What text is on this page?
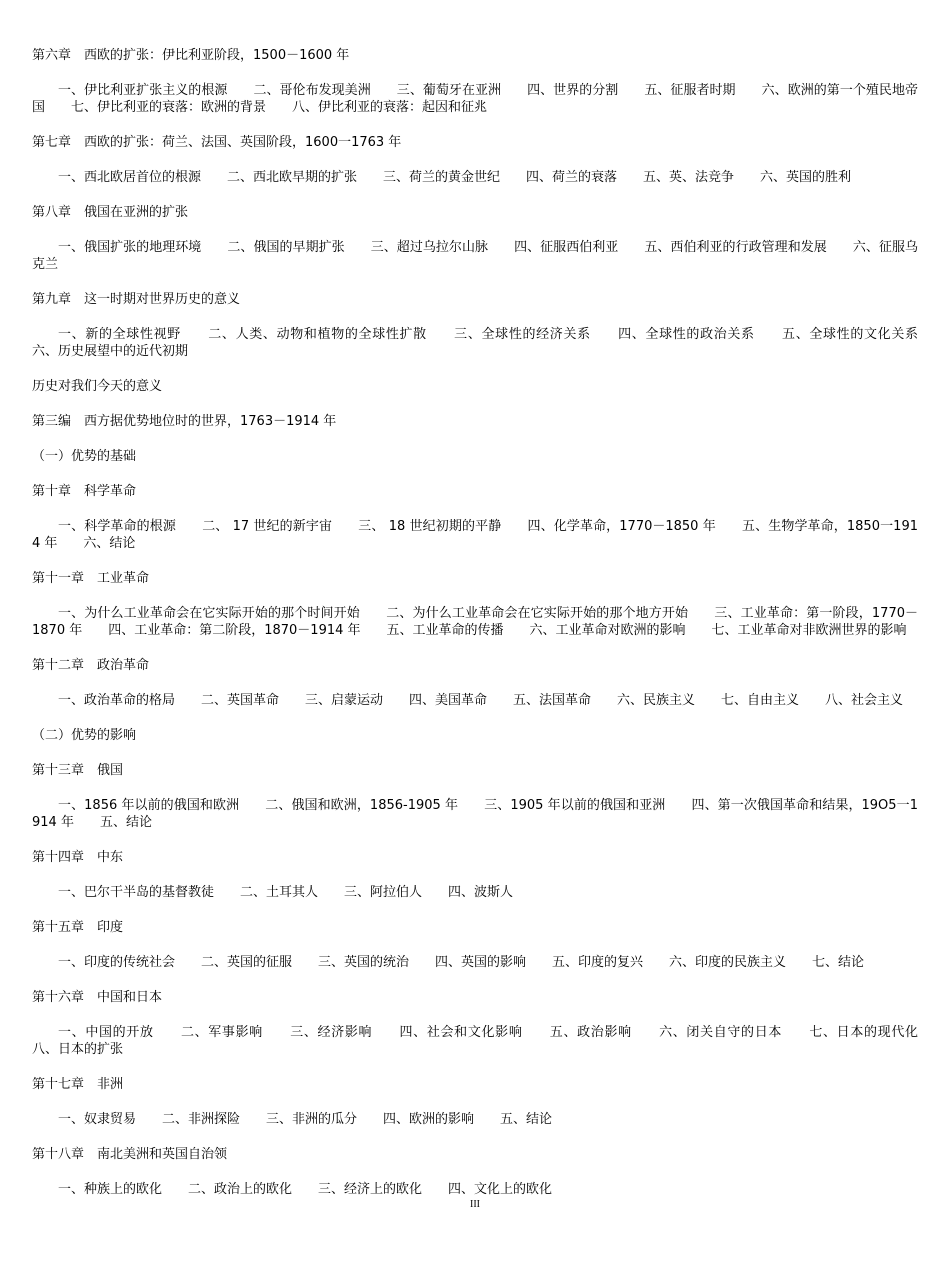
第六章　西欧的扩张：伊比利亚阶段，1500－1600 年

一、伊比利亚扩张主义的根源　　二、哥伦布发现美洲　　三、葡萄牙在亚洲　　四、世界的分割　　五、征服者时期　　六、欧洲的第一个殖民地帝国　　七、伊比利亚的衰落：欧洲的背景　　八、伊比利亚的衰落：起因和征兆

第七章　西欧的扩张：荷兰、法国、英国阶段，1600一1763 年

一、西北欧居首位的根源　　二、西北欧早期的扩张　　三、荷兰的黄金世纪　　四、荷兰的衰落　　五、英、法竞争　　六、英国的胜利

第八章　俄国在亚洲的扩张

一、俄国扩张的地理环境　　二、俄国的早期扩张　　三、超过乌拉尔山脉　　四、征服西伯利亚　　五、西伯利亚的行政管理和发展　　六、征服乌克兰

第九章　这一时期对世界历史的意义

一、新的全球性视野　　二、人类、动物和植物的全球性扩散　　三、全球性的经济关系　　四、全球性的政治关系　　五、全球性的文化关系　　六、历史展望中的近代初期

历史对我们今天的意义

第三编　西方据优势地位时的世界，1763－1914 年

（一）优势的基础

第十章　科学革命

一、科学革命的根源　　二、 17 世纪的新宇宙　　三、 18 世纪初期的平静　　四、化学革命，1770－1850 年　　五、生物学革命，1850一1914 年　　六、结论

第十一章　工业革命

一、为什么工业革命会在它实际开始的那个时间开始　　二、为什么工业革命会在它实际开始的那个地方开始　　三、工业革命：第一阶段，1770－1870 年　　四、工业革命：第二阶段，1870－1914 年　　五、工业革命的传播　　六、工业革命对欧洲的影响　　七、工业革命对非欧洲世界的影响

第十二章　政治革命

一、政治革命的格局　　二、英国革命　　三、启蒙运动　　四、美国革命　　五、法国革命　　六、民族主义　　七、自由主义　　八、社会主义

（二）优势的影响

第十三章　俄国

一、1856 年以前的俄国和欧洲　　二、俄国和欧洲，1856-1905 年　　三、1905 年以前的俄国和亚洲　　四、第一次俄国革命和结果，19O5一1914 年　　五、结论

第十四章　中东

一、巴尔干半岛的基督教徒　　二、土耳其人　　三、阿拉伯人　　四、波斯人

第十五章　印度

一、印度的传统社会　　二、英国的征服　　三、英国的统治　　四、英国的影响　　五、印度的复兴　　六、印度的民族主义　　七、结论

第十六章　中国和日本

一、中国的开放　　二、军事影响　　三、经济影响　　四、社会和文化影响　　五、政治影响　　六、闭关自守的日本　　七、日本的现代化　　八、日本的扩张

第十七章　非洲

一、奴隶贸易　　二、非洲探险　　三、非洲的瓜分　　四、欧洲的影响　　五、结论

第十八章　南北美洲和英国自治领

一、种族上的欧化　　二、政治上的欧化　　三、经济上的欧化　　四、文化上的欧化

III
